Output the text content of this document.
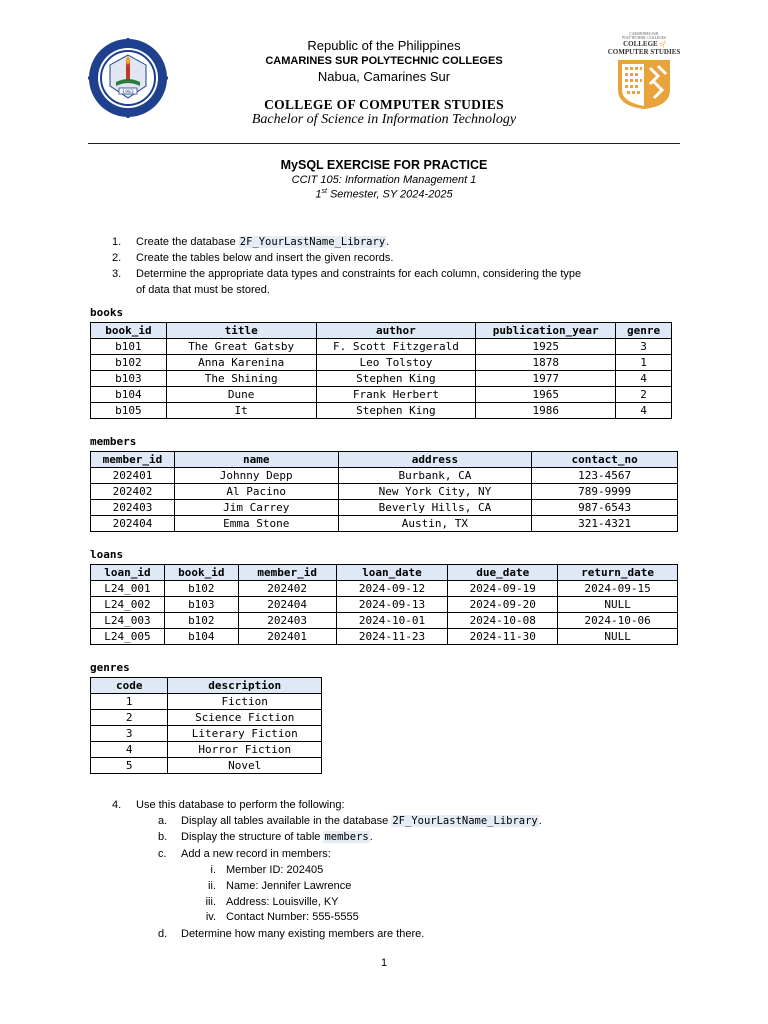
1983
Republic of the Philippines
CAMARINES SUR POLYTECHNIC COLLEGES
Nabua, Camarines Sur
COLLEGE OF COMPUTER STUDIES
Bachelor of Science in Information Technology
CAMARINES SUR
POLYTECHNIC COLLEGES
COLLEGE of
COMPUTER STUDIES
MySQL EXERCISE FOR PRACTICE
CCIT 105: Information Management 1
1st Semester, SY 2024-2025
1. Create the database 2F_YourLastName_Library.
2. Create the tables below and insert the given records.
3. Determine the appropriate data types and constraints for each column, considering the type
of data that must be stored.
books
book_id	title	author	publication_year	genre
b101	The Great Gatsby	F. Scott Fitzgerald	1925	3
b102	Anna Karenina	Leo Tolstoy	1878	1
b103	The Shining	Stephen King	1977	4
b104	Dune	Frank Herbert	1965	2
b105	It	Stephen King	1986	4
members
member_id	name	address	contact_no
202401	Johnny Depp	Burbank, CA	123-4567
202402	Al Pacino	New York City, NY	789-9999
202403	Jim Carrey	Beverly Hills, CA	987-6543
202404	Emma Stone	Austin, TX	321-4321
loans
loan_id	book_id	member_id	loan_date	due_date	return_date
L24_001	b102	202402	2024-09-12	2024-09-19	2024-09-15
L24_002	b103	202404	2024-09-13	2024-09-20	NULL
L24_003	b102	202403	2024-10-01	2024-10-08	2024-10-06
L24_005	b104	202401	2024-11-23	2024-11-30	NULL
genres
code	description
1	Fiction
2	Science Fiction
3	Literary Fiction
4	Horror Fiction
5	Novel
4. Use this database to perform the following:
a. Display all tables available in the database 2F_YourLastName_Library.
b. Display the structure of table members.
c. Add a new record in members:
i. Member ID: 202405
ii. Name: Jennifer Lawrence
iii. Address: Louisville, KY
iv. Contact Number: 555-5555
d. Determine how many existing members are there.
1
